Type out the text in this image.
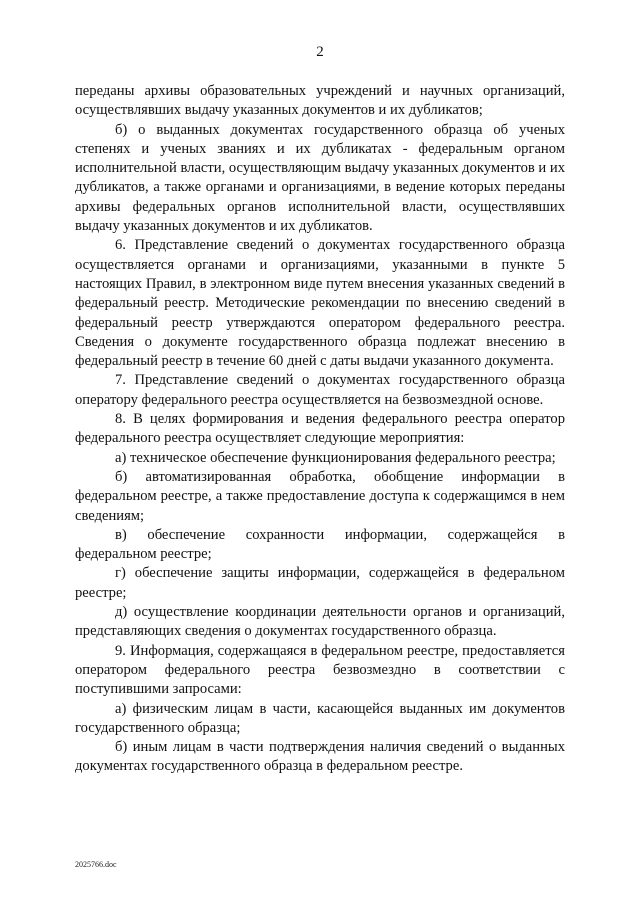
2

переданы архивы образовательных учреждений и научных организаций, осуществлявших выдачу указанных документов и их дубликатов;

б) о выданных документах государственного образца об ученых степенях и ученых званиях и их дубликатах - федеральным органом исполнительной власти, осуществляющим выдачу указанных документов и их дубликатов, а также органами и организациями, в ведение которых переданы архивы федеральных органов исполнительной власти, осуществлявших выдачу указанных документов и их дубликатов.

6. Представление сведений о документах государственного образца осуществляется органами и организациями, указанными в пункте 5 настоящих Правил, в электронном виде путем внесения указанных сведений в федеральный реестр. Методические рекомендации по внесению сведений в федеральный реестр утверждаются оператором федерального реестра. Сведения о документе государственного образца подлежат внесению в федеральный реестр в течение 60 дней с даты выдачи указанного документа.

7. Представление сведений о документах государственного образца оператору федерального реестра осуществляется на безвозмездной основе.

8. В целях формирования и ведения федерального реестра оператор федерального реестра осуществляет следующие мероприятия:

а) техническое обеспечение функционирования федерального реестра;

б) автоматизированная обработка, обобщение информации в федеральном реестре, а также предоставление доступа к содержащимся в нем сведениям;

в) обеспечение сохранности информации, содержащейся в федеральном реестре;

г) обеспечение защиты информации, содержащейся в федеральном реестре;

д) осуществление координации деятельности органов и организаций, представляющих сведения о документах государственного образца.

9. Информация, содержащаяся в федеральном реестре, предоставляется оператором федерального реестра безвозмездно в соответствии с поступившими запросами:

а) физическим лицам в части, касающейся выданных им документов государственного образца;

б) иным лицам в части подтверждения наличия сведений о выданных документах государственного образца в федеральном реестре.

2025766.doc
